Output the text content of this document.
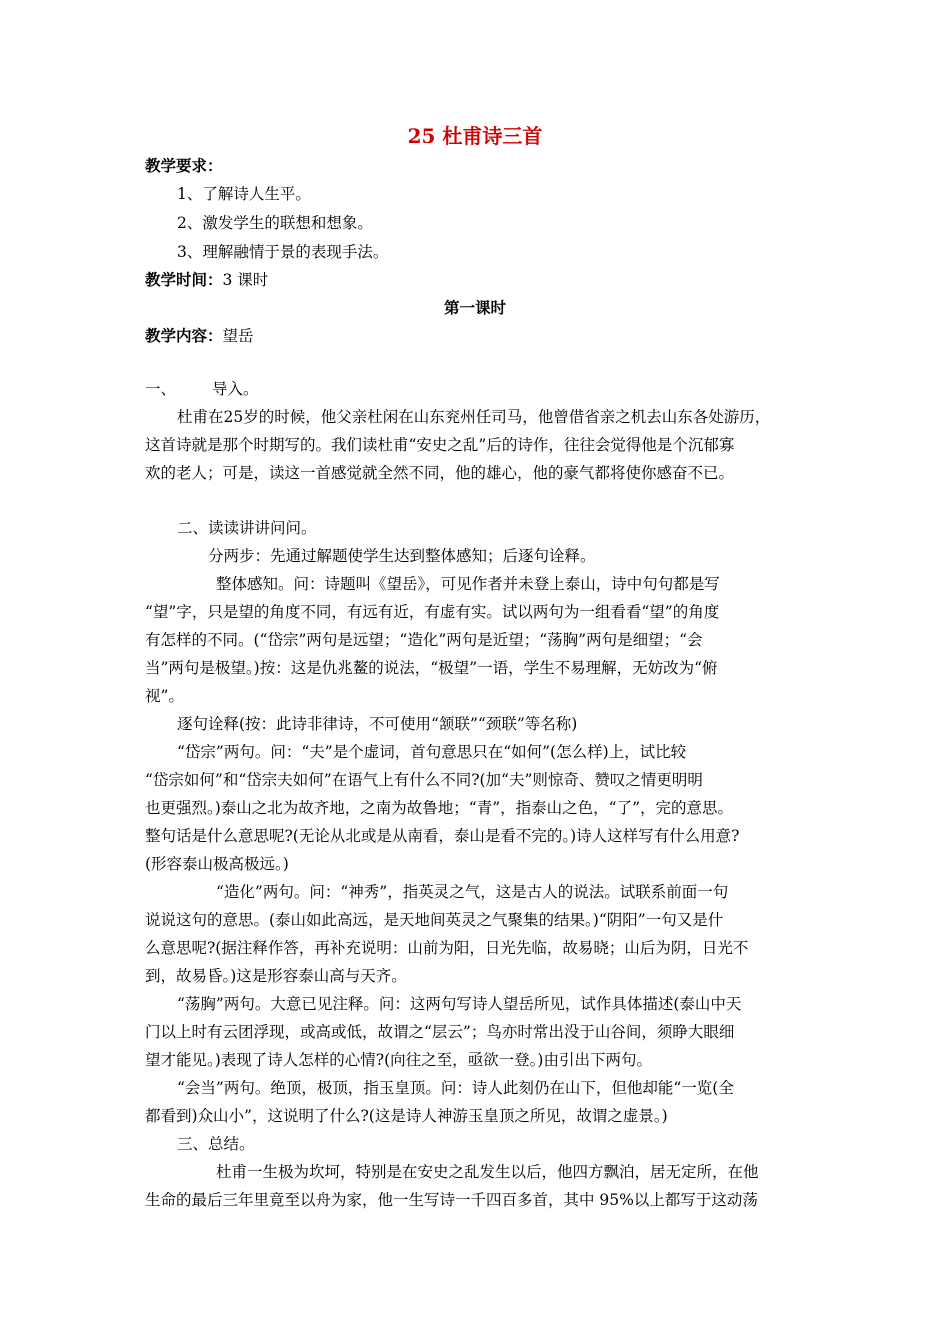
25 杜甫诗三首
教学要求：
1、了解诗人生平。
2、激发学生的联想和想象。
3、理解融情于景的表现手法。
教学时间：3 课时
第一课时
教学内容：望岳
一、 导入。
杜甫在25岁的时候，他父亲杜闲在山东兖州任司马，他曾借省亲之机去山东各处游历，
这首诗就是那个时期写的。我们读杜甫“安史之乱”后的诗作，往往会觉得他是个沉郁寡
欢的老人；可是，读这一首感觉就全然不同，他的雄心，他的豪气都将使你感奋不已。
二、读读讲讲问问。
分两步：先通过解题使学生达到整体感知；后逐句诠释。
整体感知。问：诗题叫《望岳》，可见作者并未登上泰山，诗中句句都是写
“望”字，只是望的角度不同，有远有近，有虚有实。试以两句为一组看看“望”的角度
有怎样的不同。(“岱宗”两句是远望；“造化”两句是近望；“荡胸”两句是细望；“会
当”两句是极望。)按：这是仇兆鳌的说法，“极望”一语，学生不易理解，无妨改为“俯
视”。
逐句诠释(按：此诗非律诗，不可使用“颔联”“颈联”等名称)
“岱宗”两句。问：“夫”是个虚词，首句意思只在“如何”(怎么样)上，试比较
“岱宗如何”和“岱宗夫如何”在语气上有什么不同?(加“夫”则惊奇、赞叹之情更明明
也更强烈。)泰山之北为故齐地，之南为故鲁地；“青”，指泰山之色，“了”，完的意思。
整句话是什么意思呢?(无论从北或是从南看，泰山是看不完的。)诗人这样写有什么用意?
(形容泰山极高极远。)
“造化”两句。问：“神秀”，指英灵之气，这是古人的说法。试联系前面一句
说说这句的意思。(泰山如此高远，是天地间英灵之气聚集的结果。)“阴阳”一句又是什
么意思呢?(据注释作答，再补充说明：山前为阳，日光先临，故易晓；山后为阴，日光不
到，故易昏。)这是形容泰山高与天齐。
“荡胸”两句。大意已见注释。问：这两句写诗人望岳所见，试作具体描述(泰山中天
门以上时有云团浮现，或高或低，故谓之“层云”；鸟亦时常出没于山谷间，须睁大眼细
望才能见。)表现了诗人怎样的心情?(向往之至，亟欲一登。)由引出下两句。
“会当”两句。绝顶，极顶，指玉皇顶。问：诗人此刻仍在山下，但他却能“一览(全
都看到)众山小”，这说明了什么?(这是诗人神游玉皇顶之所见，故谓之虚景。)
三、总结。
杜甫一生极为坎坷，特别是在安史之乱发生以后，他四方飘泊，居无定所，在他
生命的最后三年里竟至以舟为家，他一生写诗一千四百多首，其中 95%以上都写于这动荡
